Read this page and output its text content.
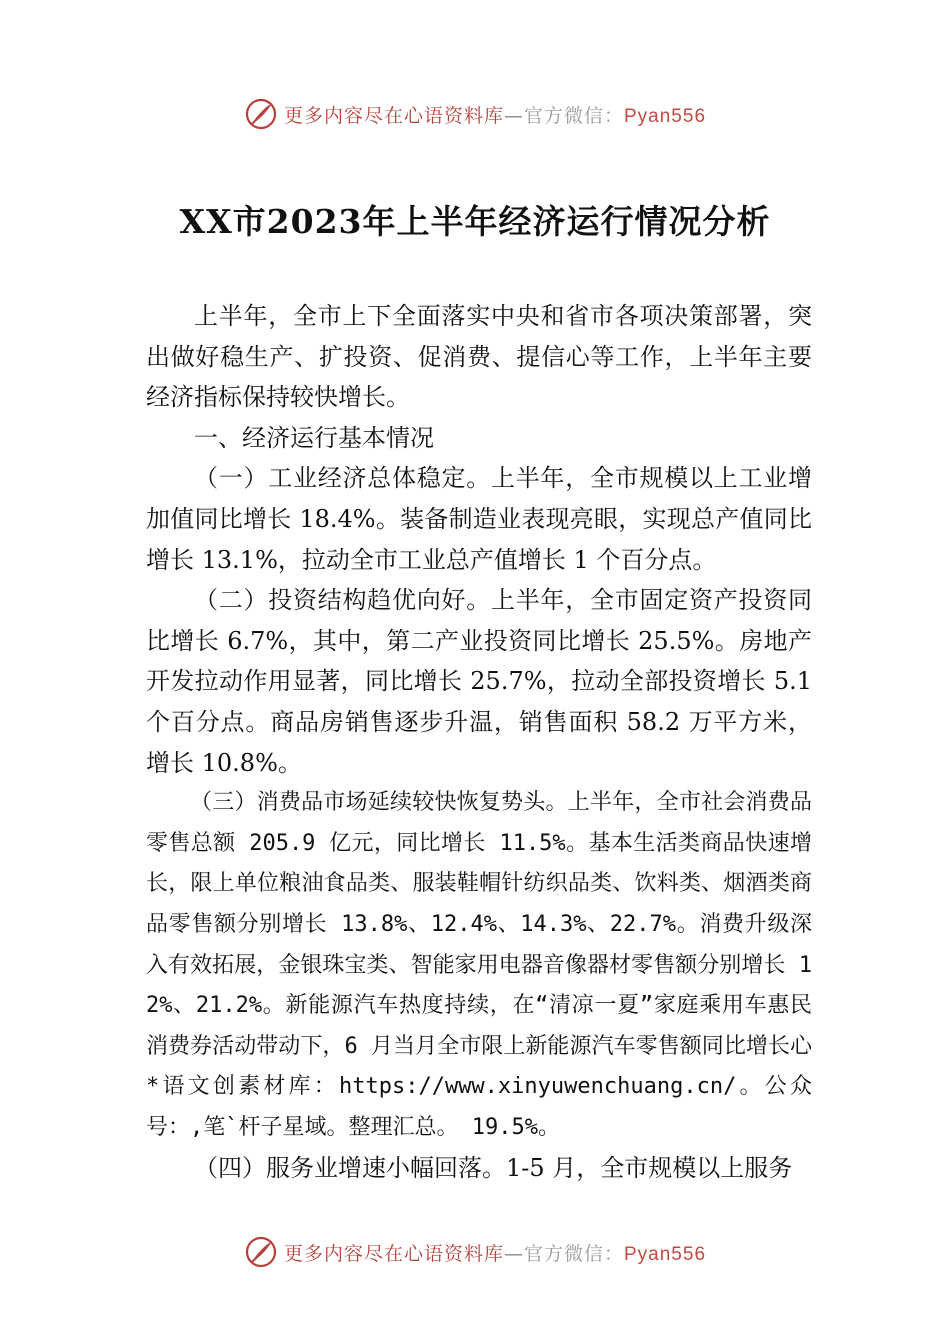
更多内容尽在心语资料库—官方微信：Pyan556
XX市2023年上半年经济运行情况分析

上半年，全市上下全面落实中央和省市各项决策部署，突出做好稳生产、扩投资、促消费、提信心等工作，上半年主要经济指标保持较快增长。

一、经济运行基本情况

（一）工业经济总体稳定。上半年，全市规模以上工业增加值同比增长 18.4%。装备制造业表现亮眼，实现总产值同比增长 13.1%，拉动全市工业总产值增长 1 个百分点。

（二）投资结构趋优向好。上半年，全市固定资产投资同比增长 6.7%，其中，第二产业投资同比增长 25.5%。房地产开发拉动作用显著，同比增长 25.7%，拉动全部投资增长 5.1 个百分点。商品房销售逐步升温，销售面积 58.2 万平方米，增长 10.8%。

（三）消费品市场延续较快恢复势头。上半年，全市社会消费品零售总额 205.9 亿元，同比增长 11.5%。基本生活类商品快速增长，限上单位粮油食品类、服装鞋帽针纺织品类、饮料类、烟酒类商品零售额分别增长 13.8%、12.4%、14.3%、22.7%。消费升级深入有效拓展，金银珠宝类、智能家用电器音像器材零售额分别增长 12%、21.2%。新能源汽车热度持续，在“清凉一夏”家庭乘用车惠民消费券活动带动下，6 月当月全市限上新能源汽车零售额同比增长心*语文创素材库：https://www.xinyuwenchuang.cn/。公众号：,笔`杆子星域。整理汇总。 19.5%。

（四）服务业增速小幅回落。1-5 月，全市规模以上服务

更多内容尽在心语资料库—官方微信：Pyan556
